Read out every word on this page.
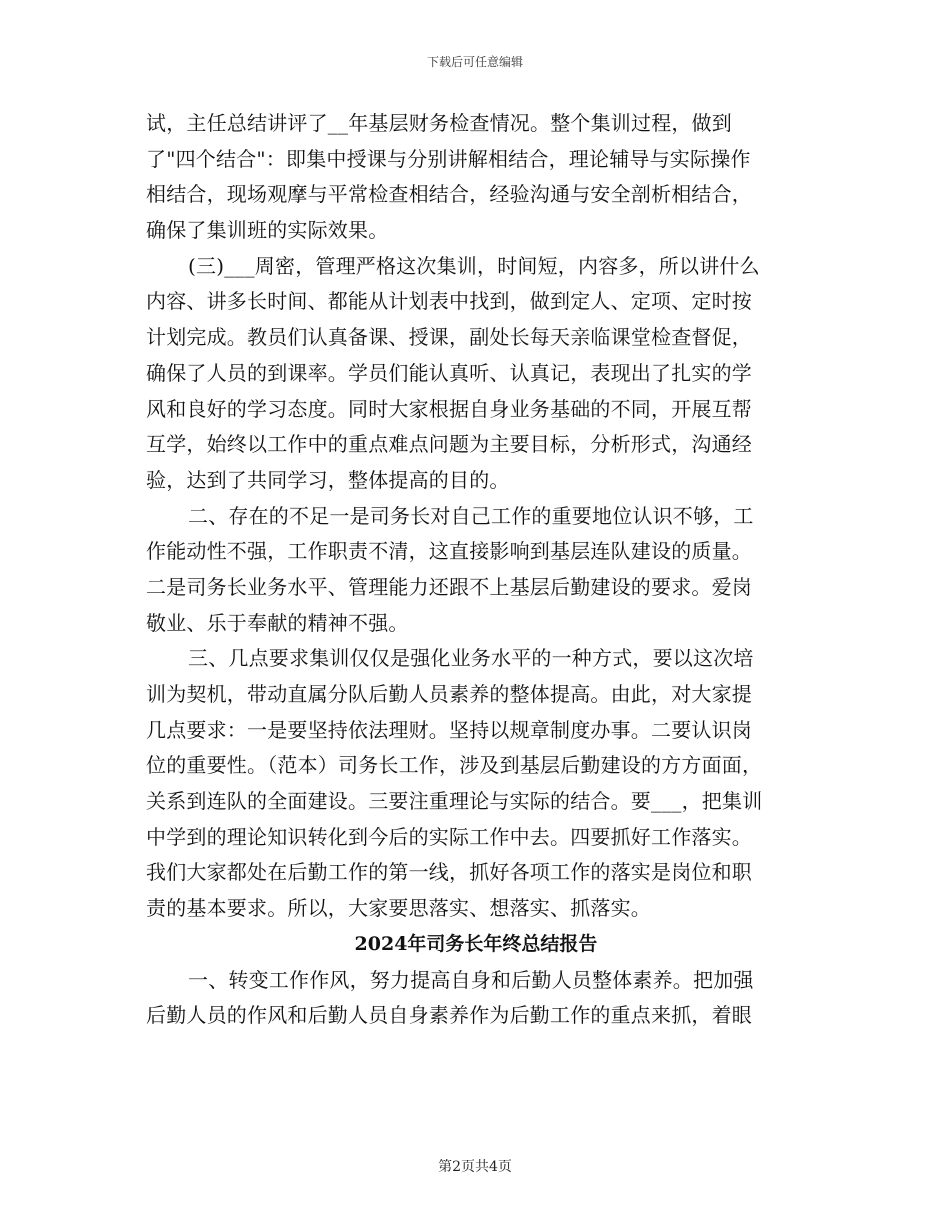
下载后可任意编辑
试，主任总结讲评了__年基层财务检查情况。整个集训过程，做到
了"四个结合"：即集中授课与分别讲解相结合，理论辅导与实际操作
相结合，现场观摩与平常检查相结合，经验沟通与安全剖析相结合，
确保了集训班的实际效果。
(三)___周密，管理严格这次集训，时间短，内容多，所以讲什么
内容、讲多长时间、都能从计划表中找到，做到定人、定项、定时按
计划完成。教员们认真备课、授课，副处长每天亲临课堂检查督促，
确保了人员的到课率。学员们能认真听、认真记，表现出了扎实的学
风和良好的学习态度。同时大家根据自身业务基础的不同，开展互帮
互学，始终以工作中的重点难点问题为主要目标，分析形式，沟通经
验，达到了共同学习，整体提高的目的。
二、存在的不足一是司务长对自己工作的重要地位认识不够，工
作能动性不强，工作职责不清，这直接影响到基层连队建设的质量。
二是司务长业务水平、管理能力还跟不上基层后勤建设的要求。爱岗
敬业、乐于奉献的精神不强。
三、几点要求集训仅仅是强化业务水平的一种方式，要以这次培
训为契机，带动直属分队后勤人员素养的整体提高。由此，对大家提
几点要求：一是要坚持依法理财。坚持以规章制度办事。二要认识岗
位的重要性。（范本）司务长工作，涉及到基层后勤建设的方方面面，
关系到连队的全面建设。三要注重理论与实际的结合。要___，把集训
中学到的理论知识转化到今后的实际工作中去。四要抓好工作落实。
我们大家都处在后勤工作的第一线，抓好各项工作的落实是岗位和职
责的基本要求。所以，大家要思落实、想落实、抓落实。
2024年司务长年终总结报告
一、转变工作作风，努力提高自身和后勤人员整体素养。把加强
后勤人员的作风和后勤人员自身素养作为后勤工作的重点来抓，着眼
第2页共4页
